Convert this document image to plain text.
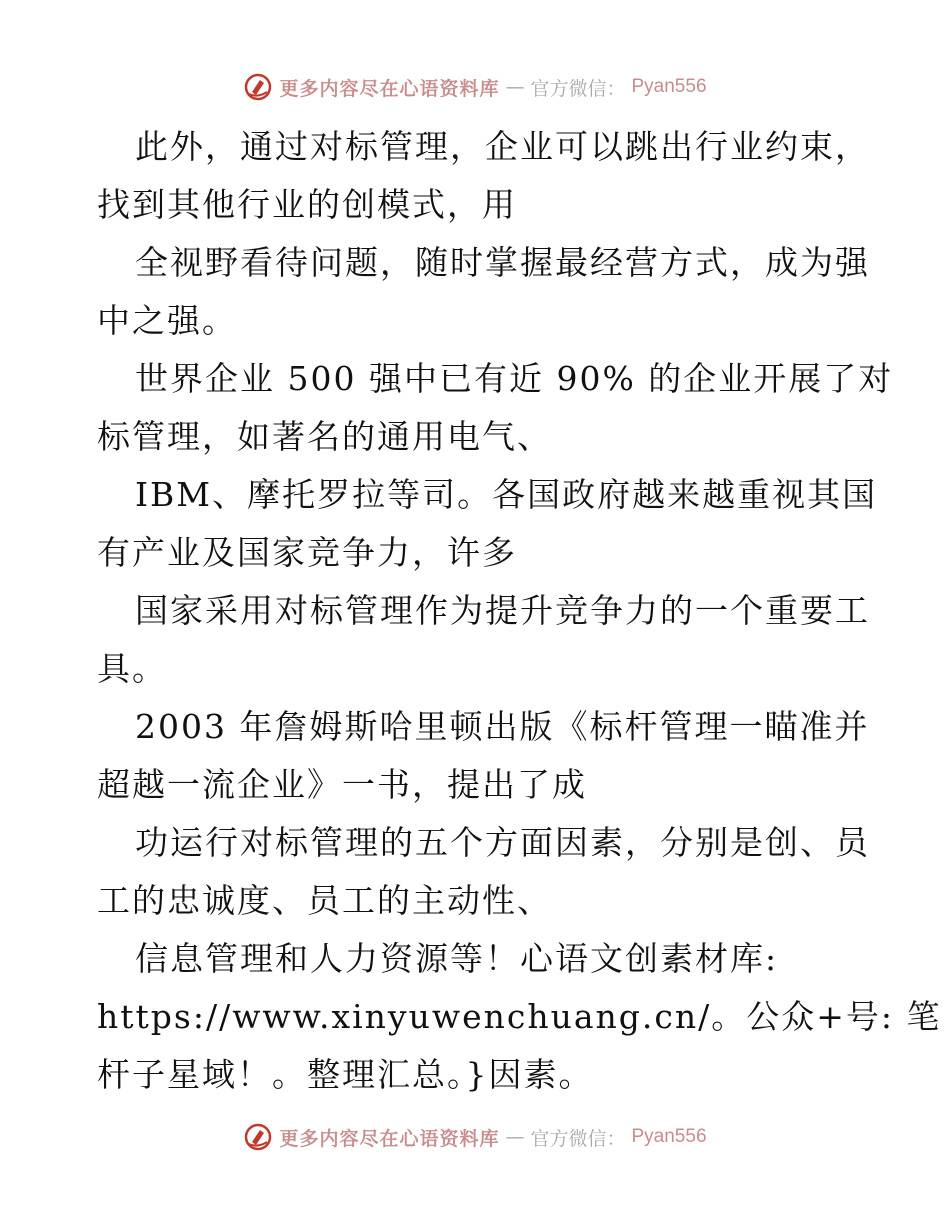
更多内容尽在心语资料库 — 官方微信： Pyan556
此外，通过对标管理，企业可以跳出行业约束，
找到其他行业的创模式，用
全视野看待问题，随时掌握最经营方式，成为强
中之强。
世界企业 500 强中已有近 90% 的企业开展了对
标管理，如著名的通用电气、
IBM、摩托罗拉等司。各国政府越来越重视其国
有产业及国家竞争力，许多
国家采用对标管理作为提升竞争力的一个重要工
具。
2003 年詹姆斯哈里顿出版《标杆管理一瞄准并
超越一流企业》一书，提出了成
功运行对标管理的五个方面因素，分别是创、员
工的忠诚度、员工的主动性、
信息管理和人力资源等！心语文创素材库:
https://www.xinyuwenchuang.cn/。公众+号: 笔
杆子星域！。整理汇总。}因素。
更多内容尽在心语资料库 — 官方微信： Pyan556
